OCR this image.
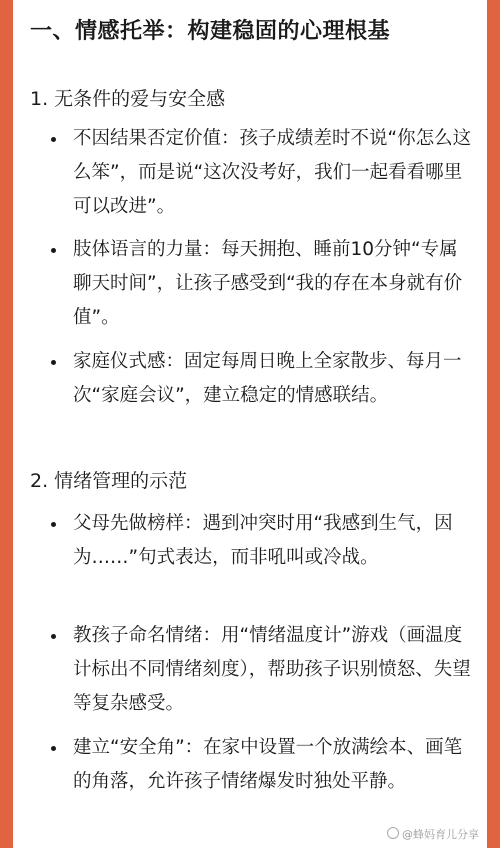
一、情感托举：构建稳固的心理根基
1. 无条件的爱与安全感
不因结果否定价值：孩子成绩差时不说“你怎么这么笨”，而是说“这次没考好，我们一起看看哪里可以改进”。
肢体语言的力量：每天拥抱、睡前10分钟“专属聊天时间”，让孩子感受到“我的存在本身就有价值”。
家庭仪式感：固定每周日晚上全家散步、每月一次“家庭会议”，建立稳定的情感联结。
2. 情绪管理的示范
父母先做榜样：遇到冲突时用“我感到生气，因为……”句式表达，而非吼叫或冷战。
教孩子命名情绪：用“情绪温度计”游戏（画温度计标出不同情绪刻度），帮助孩子识别愤怒、失望等复杂感受。
建立“安全角”：在家中设置一个放满绘本、画笔的角落，允许孩子情绪爆发时独处平静。
@蜂妈育儿分享
